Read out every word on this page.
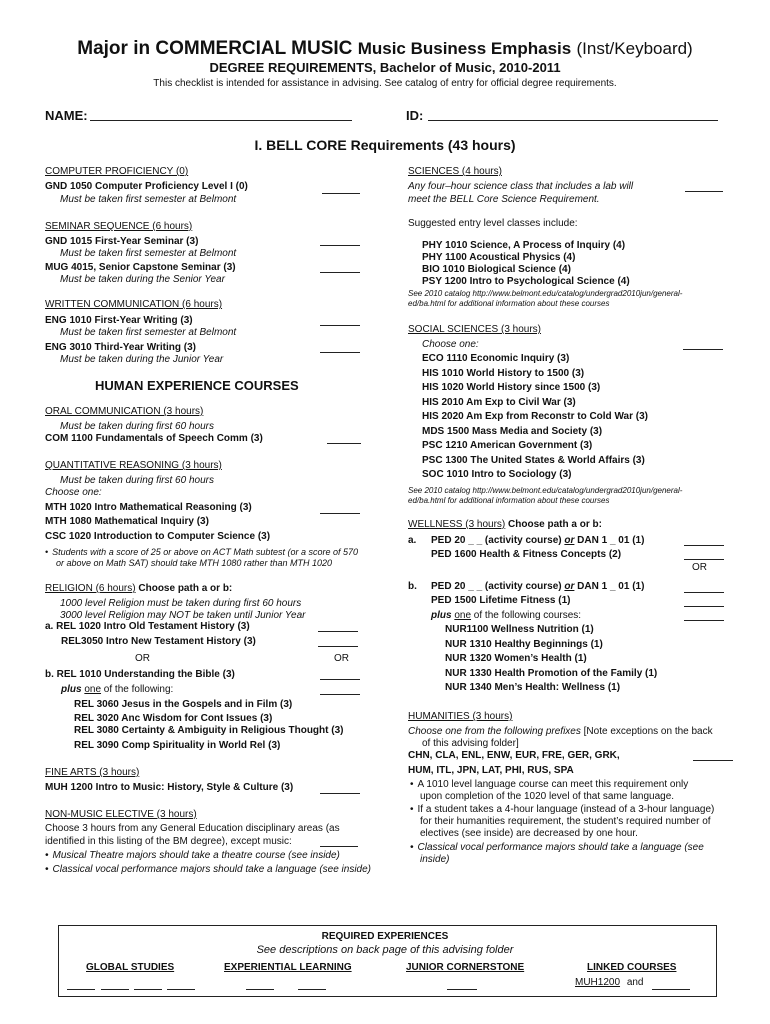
Major in COMMERCIAL MUSIC Music Business Emphasis (Inst/Keyboard)
DEGREE REQUIREMENTS, Bachelor of Music, 2010-2011
This checklist is intended for assistance in advising. See catalog of entry for official degree requirements.
NAME:	ID:
I. BELL CORE Requirements (43 hours)
COMPUTER PROFICIENCY (0)
GND 1050 Computer Proficiency Level I (0)
Must be taken first semester at Belmont
SEMINAR SEQUENCE (6 hours)
GND 1015 First-Year Seminar (3)
Must be taken first semester at Belmont
MUG 4015, Senior Capstone Seminar (3)
Must be taken during the Senior Year
WRITTEN COMMUNICATION (6 hours)
ENG 1010 First-Year Writing (3)
Must be taken first semester at Belmont
ENG 3010 Third-Year Writing (3)
Must be taken during the Junior Year
HUMAN EXPERIENCE COURSES
ORAL COMMUNICATION (3 hours)
Must be taken during first 60 hours
COM 1100 Fundamentals of Speech Comm (3)
QUANTITATIVE REASONING (3 hours)
Must be taken during first 60 hours
Choose one:
MTH 1020 Intro Mathematical Reasoning (3)
MTH 1080 Mathematical Inquiry (3)
CSC 1020 Introduction to Computer Science (3)
• Students with a score of 25 or above on ACT Math subtest (or a score of 570
or above on Math SAT) should take MTH 1080 rather than MTH 1020
RELIGION (6 hours) Choose path a or b:
1000 level Religion must be taken during first 60 hours
3000 level Religion may NOT be taken until Junior Year
a. REL 1020 Intro Old Testament History (3)
REL3050 Intro New Testament History (3)
OR	OR
b. REL 1010 Understanding the Bible (3)
plus one of the following:
REL 3060 Jesus in the Gospels and in Film (3)
REL 3020 Anc Wisdom for Cont Issues (3)
REL 3080 Certainty & Ambiguity in Religious Thought (3)
REL 3090 Comp Spirituality in World Rel (3)
FINE ARTS (3 hours)
MUH 1200 Intro to Music: History, Style & Culture (3)
NON-MUSIC ELECTIVE (3 hours)
Choose 3 hours from any General Education disciplinary areas (as
identified in this listing of the BM degree), except music:
• Musical Theatre majors should take a theatre course (see inside)
• Classical vocal performance majors should take a language (see inside)
SCIENCES (4 hours)
Any four–hour science class that includes a lab will
meet the BELL Core Science Requirement.
Suggested entry level classes include:
PHY 1010 Science, A Process of Inquiry (4)
PHY 1100 Acoustical Physics (4)
BIO 1010 Biological Science (4)
PSY 1200 Intro to Psychological Science (4)
See 2010 catalog http://www.belmont.edu/catalog/undergrad2010jun/general-
ed/ba.html for additional information about these courses
SOCIAL SCIENCES (3 hours)
Choose one:
ECO 1110 Economic Inquiry (3)
HIS 1010 World History to 1500 (3)
HIS 1020 World History since 1500 (3)
HIS 2010 Am Exp to Civil War (3)
HIS 2020 Am Exp from Reconstr to Cold War (3)
MDS 1500 Mass Media and Society (3)
PSC 1210 American Government (3)
PSC 1300 The United States & World Affairs (3)
SOC 1010 Intro to Sociology (3)
See 2010 catalog http://www.belmont.edu/catalog/undergrad2010jun/general-
ed/ba.html for additional information about these courses
WELLNESS (3 hours) Choose path a or b:
a. PED 20 _ _ (activity course) or DAN 1 _ 01 (1)
PED 1600 Health & Fitness Concepts (2)
OR
b. PED 20 _ _ (activity course) or DAN 1 _ 01 (1)
PED 1500 Lifetime Fitness (1)
plus one of the following courses:
NUR1100 Wellness Nutrition (1)
NUR 1310 Healthy Beginnings (1)
NUR 1320 Women’s Health (1)
NUR 1330 Health Promotion of the Family (1)
NUR 1340 Men’s Health: Wellness (1)
HUMANITIES (3 hours)
Choose one from the following prefixes [Note exceptions on the back
of this advising folder]
CHN, CLA, ENL, ENW, EUR, FRE, GER, GRK,
HUM, ITL, JPN, LAT, PHI, RUS, SPA
• A 1010 level language course can meet this requirement only
upon completion of the 1020 level of that same language.
• If a student takes a 4-hour language (instead of a 3-hour language)
for their humanities requirement, the student’s required number of
electives (see inside) are decreased by one hour.
• Classical vocal performance majors should take a language (see
inside)
REQUIRED EXPERIENCES
See descriptions on back page of this advising folder
GLOBAL STUDIES	EXPERIENTIAL LEARNING	JUNIOR CORNERSTONE	LINKED COURSES
MUH1200 and
